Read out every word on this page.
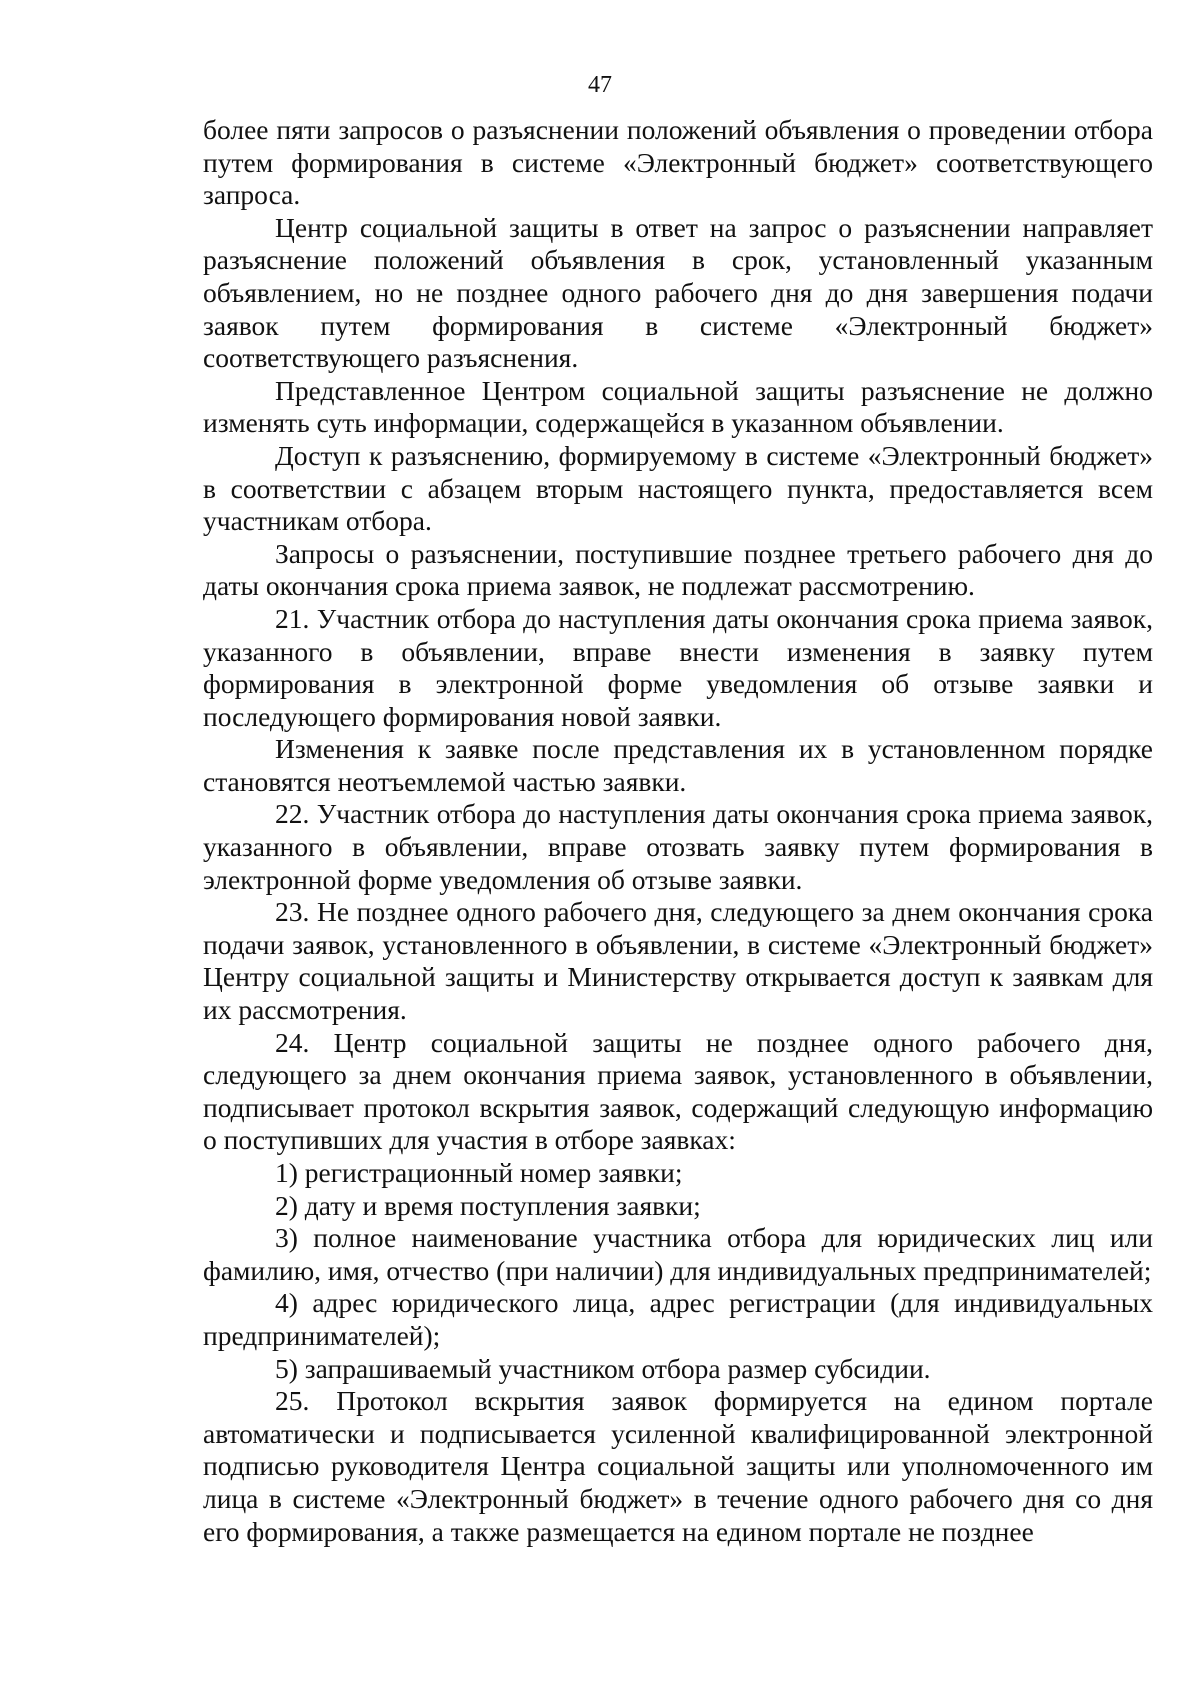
47

более пяти запросов о разъяснении положений объявления о проведении отбора путем формирования в системе «Электронный бюджет» соответствующего запроса.

Центр социальной защиты в ответ на запрос о разъяснении направляет разъяснение положений объявления в срок, установленный указанным объявлением, но не позднее одного рабочего дня до дня завершения подачи заявок путем формирования в системе «Электронный бюджет» соответствующего разъяснения.

Представленное Центром социальной защиты разъяснение не должно изменять суть информации, содержащейся в указанном объявлении.

Доступ к разъяснению, формируемому в системе «Электронный бюджет» в соответствии с абзацем вторым настоящего пункта, предоставляется всем участникам отбора.

Запросы о разъяснении, поступившие позднее третьего рабочего дня до даты окончания срока приема заявок, не подлежат рассмотрению.

21. Участник отбора до наступления даты окончания срока приема заявок, указанного в объявлении, вправе внести изменения в заявку путем формирования в электронной форме уведомления об отзыве заявки и последующего формирования новой заявки.

Изменения к заявке после представления их в установленном порядке становятся неотъемлемой частью заявки.

22. Участник отбора до наступления даты окончания срока приема заявок, указанного в объявлении, вправе отозвать заявку путем формирования в электронной форме уведомления об отзыве заявки.

23. Не позднее одного рабочего дня, следующего за днем окончания срока подачи заявок, установленного в объявлении, в системе «Электронный бюджет» Центру социальной защиты и Министерству открывается доступ к заявкам для их рассмотрения.

24. Центр социальной защиты не позднее одного рабочего дня, следующего за днем окончания приема заявок, установленного в объявлении, подписывает протокол вскрытия заявок, содержащий следующую информацию о поступивших для участия в отборе заявках:

1) регистрационный номер заявки;

2) дату и время поступления заявки;

3) полное наименование участника отбора для юридических лиц или фамилию, имя, отчество (при наличии) для индивидуальных предпринимателей;

4) адрес юридического лица, адрес регистрации (для индивидуальных предпринимателей);

5) запрашиваемый участником отбора размер субсидии.

25. Протокол вскрытия заявок формируется на едином портале автоматически и подписывается усиленной квалифицированной электронной подписью руководителя Центра социальной защиты или уполномоченного им лица в системе «Электронный бюджет» в течение одного рабочего дня со дня его формирования, а также размещается на едином портале не позднее
